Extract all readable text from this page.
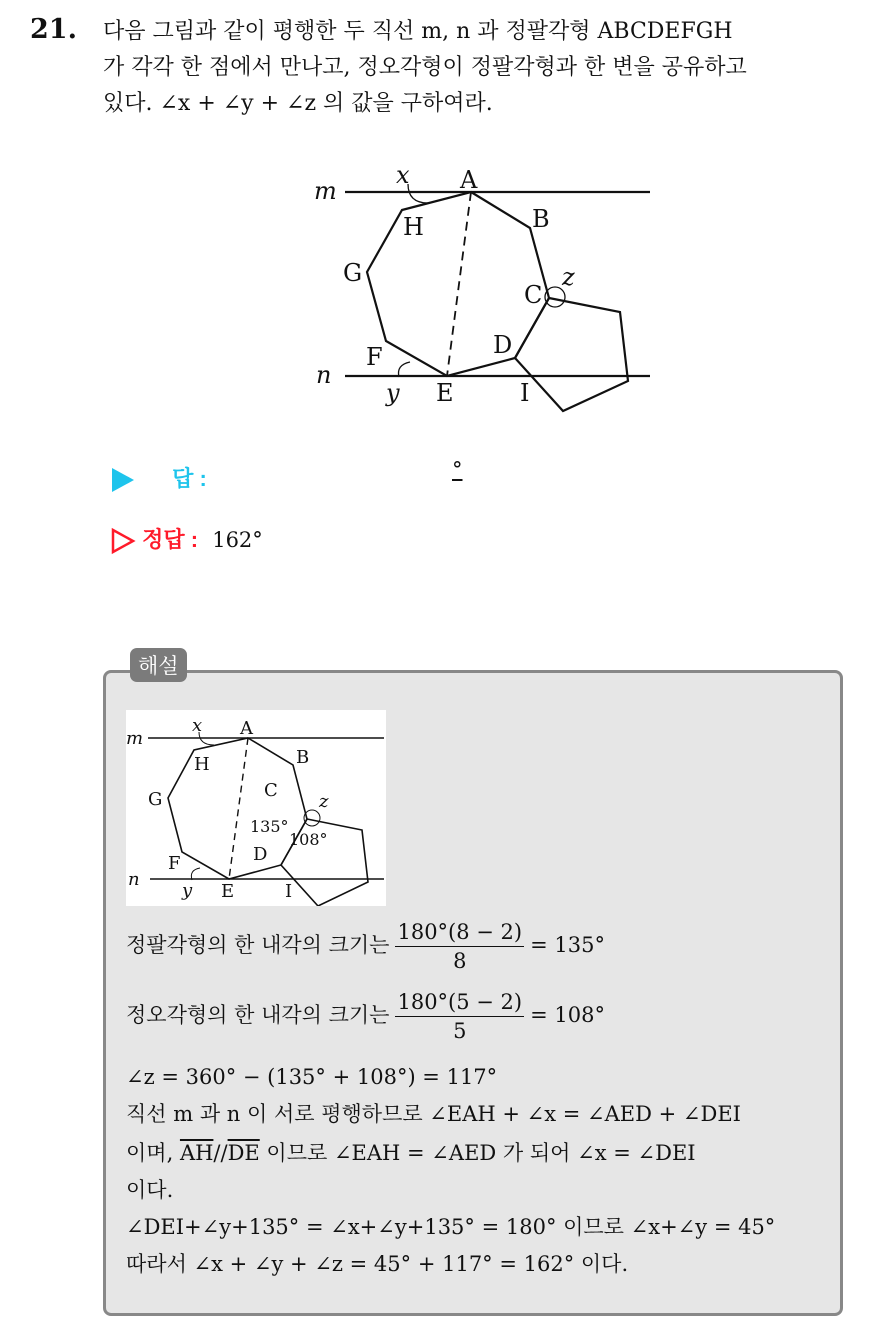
21. 다음 그림과 같이 평행한 두 직선 m, n 과 정팔각형 ABCDEFGH
가 각각 한 점에서 만나고, 정오각형이 정팔각형과 한 변을 공유하고
있다. ∠x + ∠y + ∠z 의 값을 구하여라.
m
n
x
y
z
A
B
C
D
E
F
G
H
I
답 :	°
정답 : 162°
해설
m
n
x
y
z
A
B
C
D
E
F
G
H
I
135°
108°
정팔각형의 한 내각의 크기는 $\frac{180^\circ(8 - 2)}{8} = 135^\circ$
정오각형의 한 내각의 크기는 $\frac{180^\circ(5 - 2)}{5} = 108^\circ$
∠z = 360° − (135° + 108°) = 117°
직선 m 과 n 이 서로 평행하므로 ∠EAH + ∠x = ∠AED + ∠DEI
이며, $\overline{AH}//\overline{DE}$ 이므로 ∠EAH = ∠AED 가 되어 ∠x = ∠DEI
이다.
∠DEI+∠y+135° = ∠x+∠y+135° = 180° 이므로 ∠x+∠y = 45°
따라서 ∠x + ∠y + ∠z = 45° + 117° = 162° 이다.
